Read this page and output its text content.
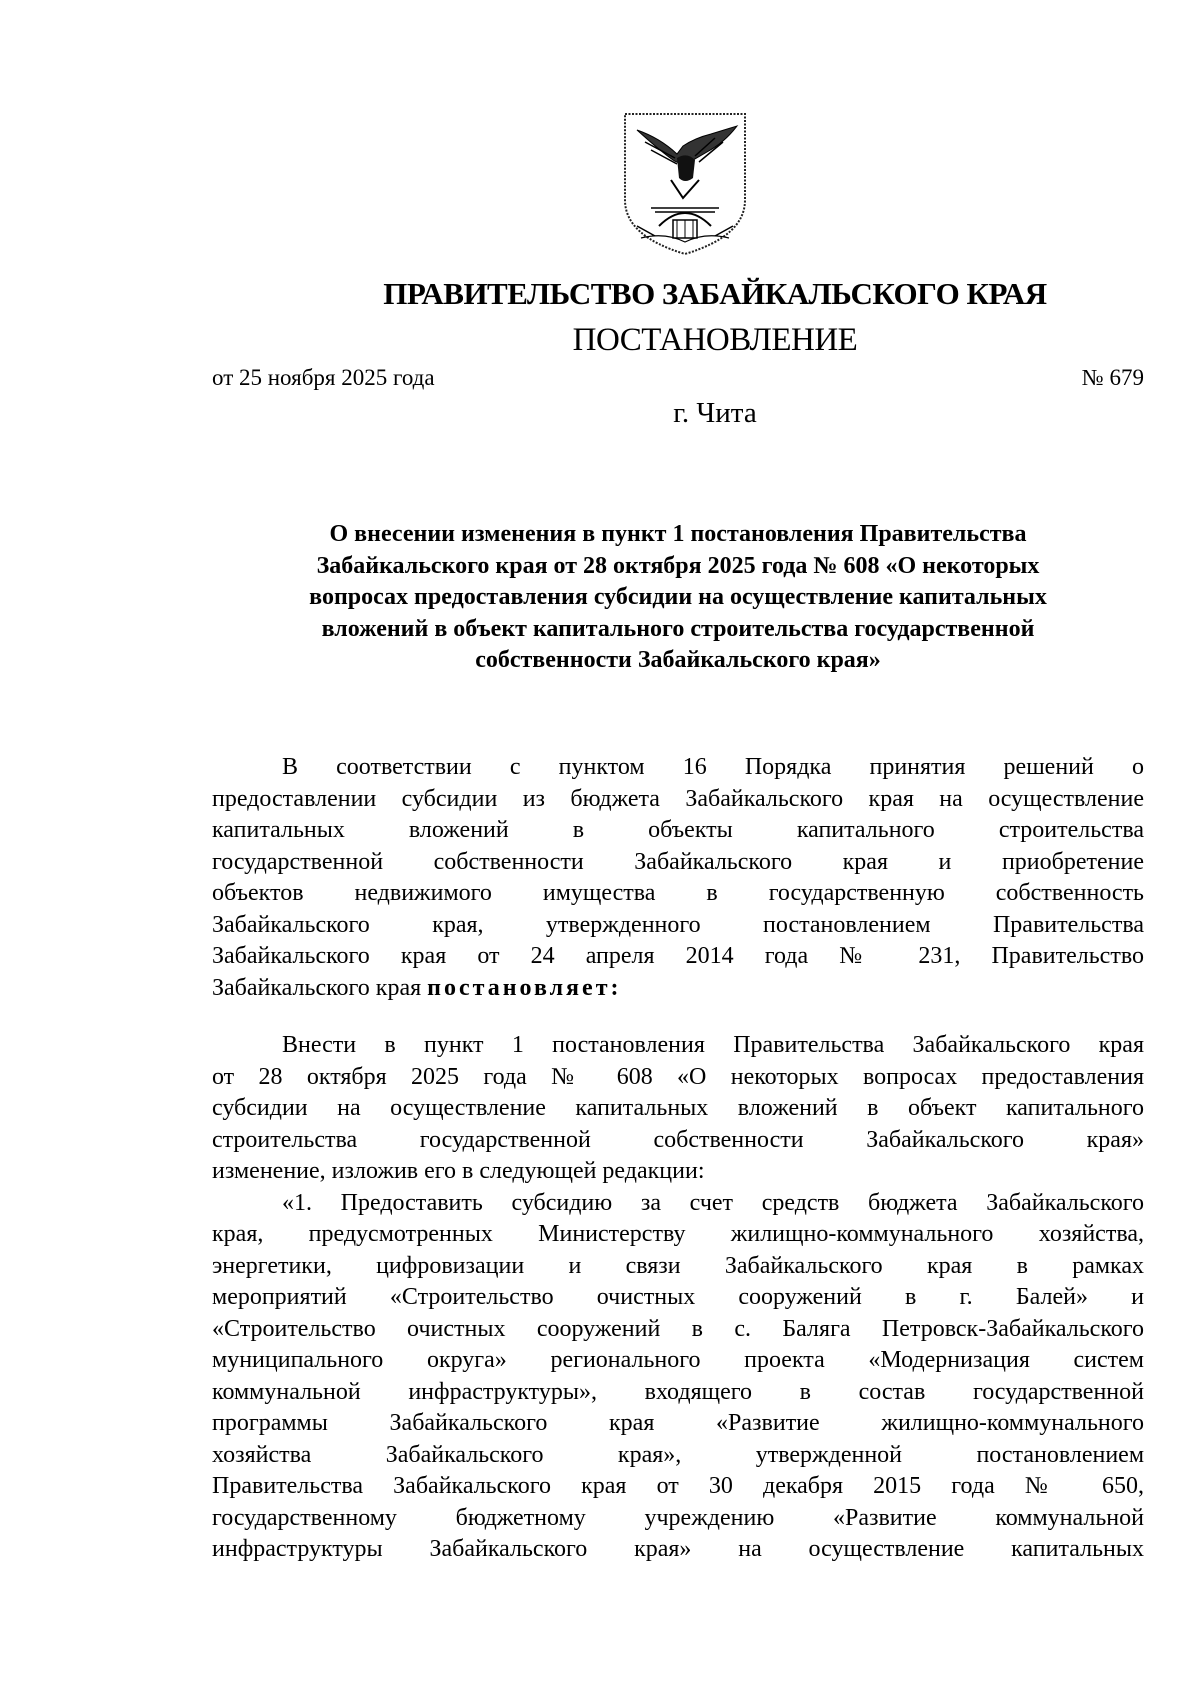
ПРАВИТЕЛЬСТВО ЗАБАЙКАЛЬСКОГО КРАЯ
ПОСТАНОВЛЕНИЕ
от 25 ноября 2025 года	№ 679
г. Чита
О внесении изменения в пункт 1 постановления Правительства
Забайкальского края от 28 октября 2025 года № 608 «О некоторых
вопросах предоставления субсидии на осуществление капитальных
вложений в объект капитального строительства государственной
собственности Забайкальского края»
В соответствии с пунктом 16 Порядка принятия решений о
предоставлении субсидии из бюджета Забайкальского края на осуществление
капитальных вложений в объекты капитального строительства
государственной собственности Забайкальского края и приобретение
объектов недвижимого имущества в государственную собственность
Забайкальского края, утвержденного постановлением Правительства
Забайкальского края от 24 апреля 2014 года № 231, Правительство
Забайкальского края постановляет:
Внести в пункт 1 постановления Правительства Забайкальского края
от 28 октября 2025 года № 608 «О некоторых вопросах предоставления
субсидии на осуществление капитальных вложений в объект капитального
строительства государственной собственности Забайкальского края»
изменение, изложив его в следующей редакции:
«1. Предоставить субсидию за счет средств бюджета Забайкальского
края, предусмотренных Министерству жилищно-коммунального хозяйства,
энергетики, цифровизации и связи Забайкальского края в рамках
мероприятий «Строительство очистных сооружений в г. Балей» и
«Строительство очистных сооружений в с. Баляга Петровск-Забайкальского
муниципального округа» регионального проекта «Модернизация систем
коммунальной инфраструктуры», входящего в состав государственной
программы Забайкальского края «Развитие жилищно-коммунального
хозяйства Забайкальского края», утвержденной постановлением
Правительства Забайкальского края от 30 декабря 2015 года № 650,
государственному бюджетному учреждению «Развитие коммунальной
инфраструктуры Забайкальского края» на осуществление капитальных
